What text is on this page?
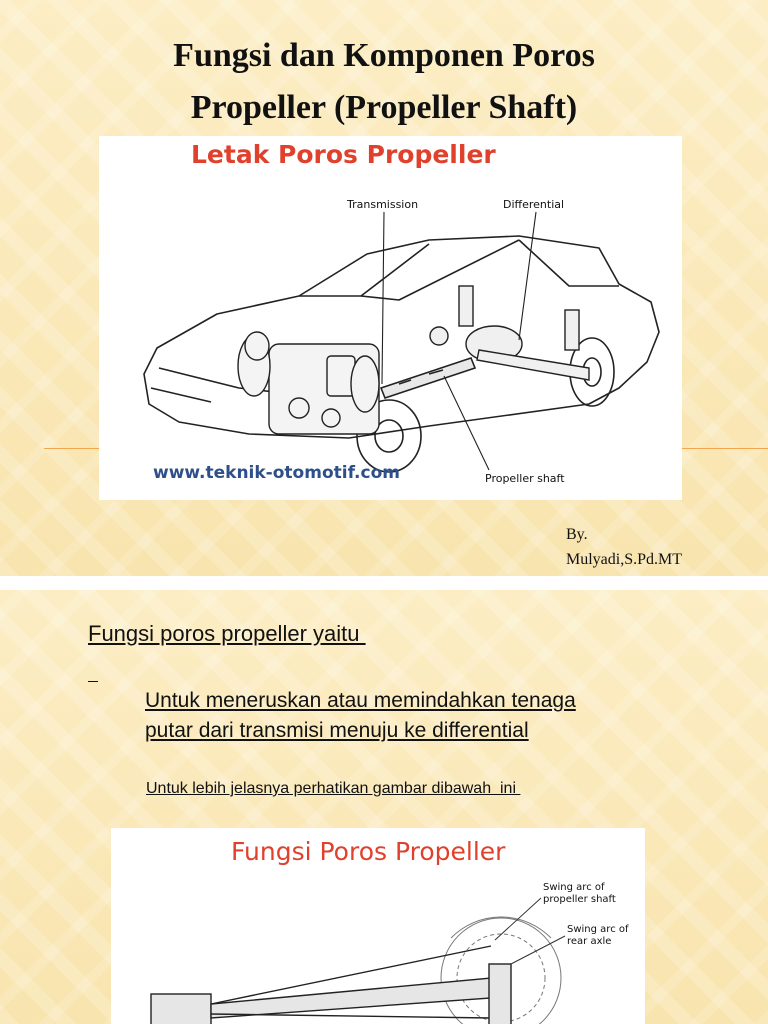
Fungsi dan Komponen Poros
Propeller (Propeller Shaft)
Letak Poros Propeller
Transmission	Differential
Propeller shaft
www.teknik-otomotif.com
By.
Mulyadi,S.Pd.MT
Fungsi poros propeller yaitu

Untuk meneruskan atau memindahkan tenaga
putar dari transmisi menuju ke differential
Untuk lebih jelasnya perhatikan gambar dibawah  ini
Fungsi Poros Propeller
Swing arc of
propeller shaft
Swing arc of
rear axle
